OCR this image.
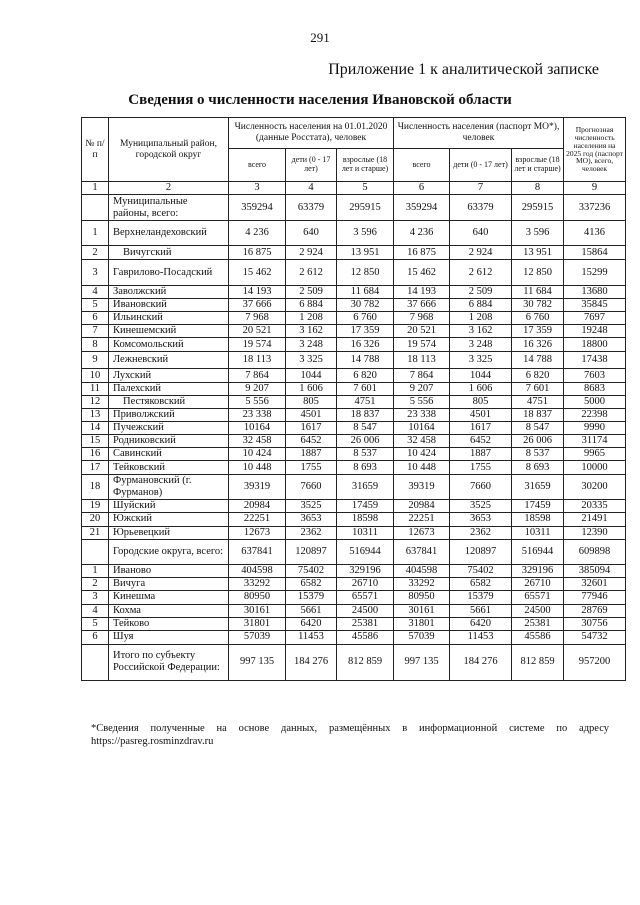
291
Приложение 1 к аналитической записке
Сведения о численности населения Ивановской области
№ п/п	Муниципальный район, городской округ	Численность населения на 01.01.2020 (данные Росстата), человек			Численность населения (паспорт МО*), человек			Прогнозная численность населения на 2025 год (паспорт МО), всего, человек
		всего	дети (0 - 17 лет)	взрослые (18 лет и старше)	всего	дети (0 - 17 лет)	взрослые (18 лет и старше)	
1	2	3	4	5	6	7	8	9
	Муниципальные районы, всего:	359294	63379	295915	359294	63379	295915	337236
1	Верхнеландеховский	4 236	640	3 596	4 236	640	3 596	4136
2	Вичугский	16 875	2 924	13 951	16 875	2 924	13 951	15864
3	Гаврилово-Посадский	15 462	2 612	12 850	15 462	2 612	12 850	15299
4	Заволжский	14 193	2 509	11 684	14 193	2 509	11 684	13680
5	Ивановский	37 666	6 884	30 782	37 666	6 884	30 782	35845
6	Ильинский	7 968	1 208	6 760	7 968	1 208	6 760	7697
7	Кинешемский	20 521	3 162	17 359	20 521	3 162	17 359	19248
8	Комсомольский	19 574	3 248	16 326	19 574	3 248	16 326	18800
9	Лежневский	18 113	3 325	14 788	18 113	3 325	14 788	17438
10	Лухский	7 864	1044	6 820	7 864	1044	6 820	7603
11	Палехский	9 207	1 606	7 601	9 207	1 606	7 601	8683
12	Пестяковский	5 556	805	4751	5 556	805	4751	5000
13	Приволжский	23 338	4501	18 837	23 338	4501	18 837	22398
14	Пучежский	10164	1617	8 547	10164	1617	8 547	9990
15	Родниковский	32 458	6452	26 006	32 458	6452	26 006	31174
16	Савинский	10 424	1887	8 537	10 424	1887	8 537	9965
17	Тейковский	10 448	1755	8 693	10 448	1755	8 693	10000
18	Фурмановский (г. Фурманов)	39319	7660	31659	39319	7660	31659	30200
19	Шуйский	20984	3525	17459	20984	3525	17459	20335
20	Южский	22251	3653	18598	22251	3653	18598	21491
21	Юрьевецкий	12673	2362	10311	12673	2362	10311	12390
	Городские округа, всего:	637841	120897	516944	637841	120897	516944	609898
1	Иваново	404598	75402	329196	404598	75402	329196	385094
2	Вичуга	33292	6582	26710	33292	6582	26710	32601
3	Кинешма	80950	15379	65571	80950	15379	65571	77946
4	Кохма	30161	5661	24500	30161	5661	24500	28769
5	Тейково	31801	6420	25381	31801	6420	25381	30756
6	Шуя	57039	11453	45586	57039	11453	45586	54732
	Итого по субъекту Российской Федерации:	997 135	184 276	812 859	997 135	184 276	812 859	957200
*Сведения полученные на основе данных, размещённых в информационной системе по адресу
https://pasreg.rosminzdrav.ru
